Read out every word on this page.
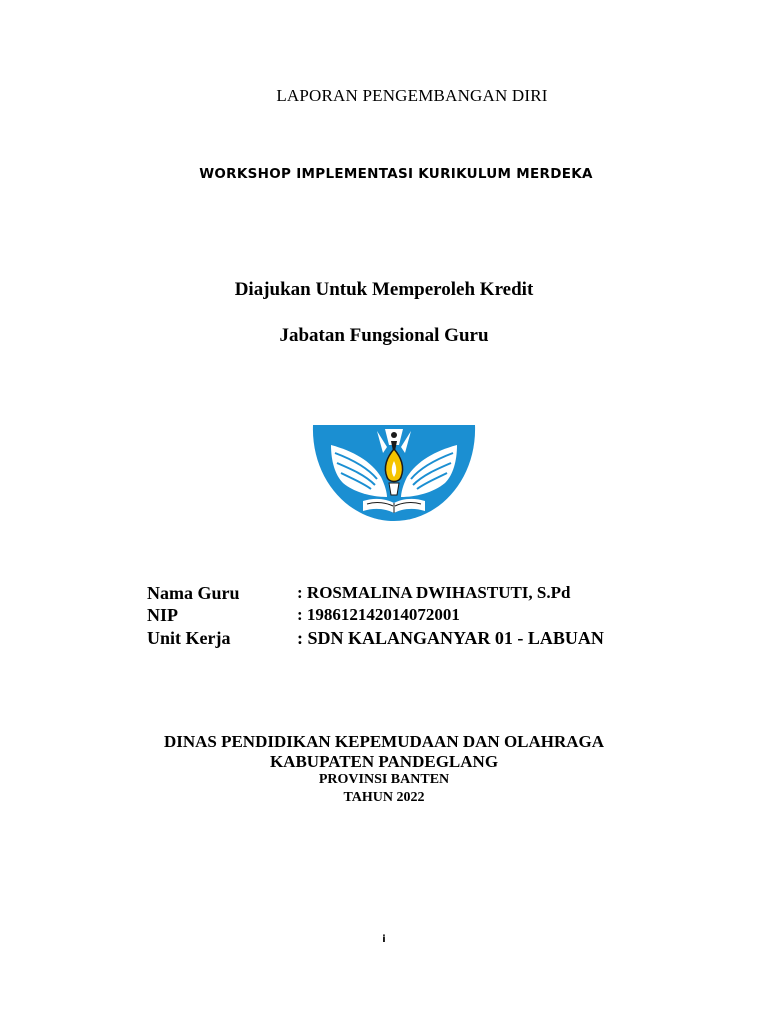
LAPORAN PENGEMBANGAN DIRI
WORKSHOP IMPLEMENTASI KURIKULUM MERDEKA
Diajukan Untuk Memperoleh Kredit
Jabatan Fungsional Guru
Nama Guru	: ROSMALINA DWIHASTUTI, S.Pd
NIP	: 198612142014072001
Unit Kerja	: SDN KALANGANYAR 01 - LABUAN
DINAS PENDIDIKAN KEPEMUDAAN DAN OLAHRAGA
KABUPATEN PANDEGLANG
PROVINSI BANTEN
TAHUN 2022
i
